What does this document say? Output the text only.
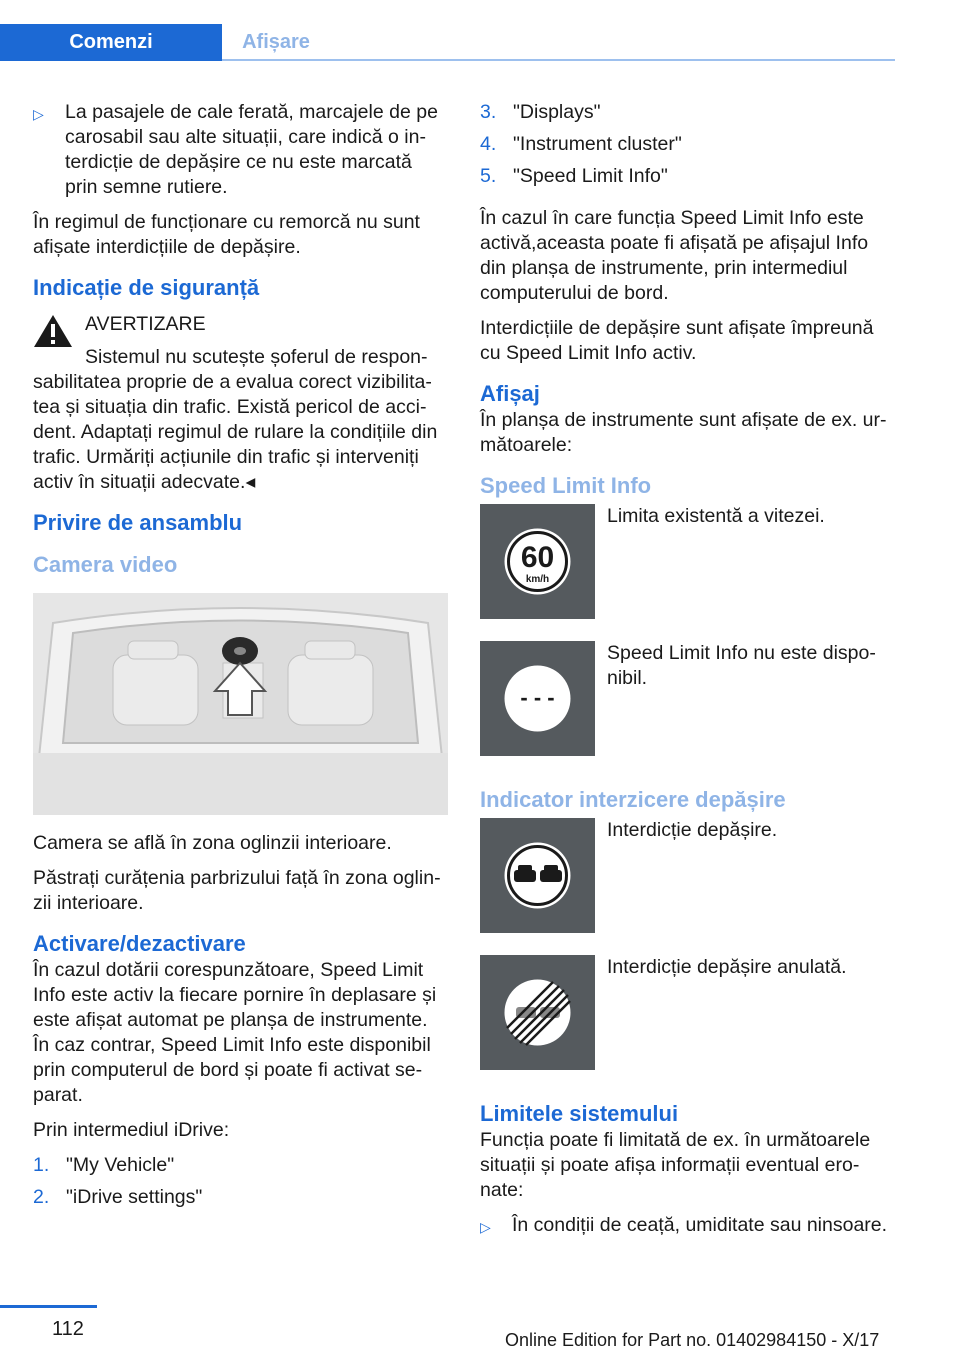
Comenzi	Afișare
▷	La pasajele de cale ferată, marcajele de pe carosabil sau alte situații, care indică o interdicție de depășire ce nu este marcată prin semne rutiere.

În regimul de funcționare cu remorcă nu sunt afișate interdicțiile de depășire.

Indicație de siguranță

AVERTIZARE

Sistemul nu scutește șoferul de responsabilitatea proprie de a evalua corect vizibilitatea și situația din trafic. Există pericol de accident. Adaptați regimul de rulare la condițiile din trafic. Urmăriți acțiunile din trafic și interveniți activ în situații adecvate.◂

Privire de ansamblu
Camera video

Camera se află în zona oglinzii interioare.

Păstrați curățenia parbrizului față în zona oglinzii interioare.

Activare/dezactivare

În cazul dotării corespunzătoare, Speed Limit Info este activ la fiecare pornire în deplasare și este afișat automat pe planșa de instrumente. În caz contrar, Speed Limit Info este disponibil prin computerul de bord și poate fi activat separat.

Prin intermediul iDrive:

1. "My Vehicle"
2. "iDrive settings"
3. "Displays"
4. "Instrument cluster"
5. "Speed Limit Info"

În cazul în care funcția Speed Limit Info este activă,aceasta poate fi afișată pe afișajul Info din planșa de instrumente, prin intermediul computerului de bord.

Interdicțiile de depășire sunt afișate împreună cu Speed Limit Info activ.

Afișaj

În planșa de instrumente sunt afișate de ex. următoarele:

Speed Limit Info
60
km/h
Limita existentă a vitezei.
- - -
Speed Limit Info nu este disponibil.
Indicator interzicere depășire
Interdicție depășire.
Interdicție depășire anulată.
Limitele sistemului

Funcția poate fi limitată de ex. în următoarele situații și poate afișa informații eventual eronate:

▷	În condiții de ceață, umiditate sau ninsoare.
112	Online Edition for Part no. 01402984150 - X/17
